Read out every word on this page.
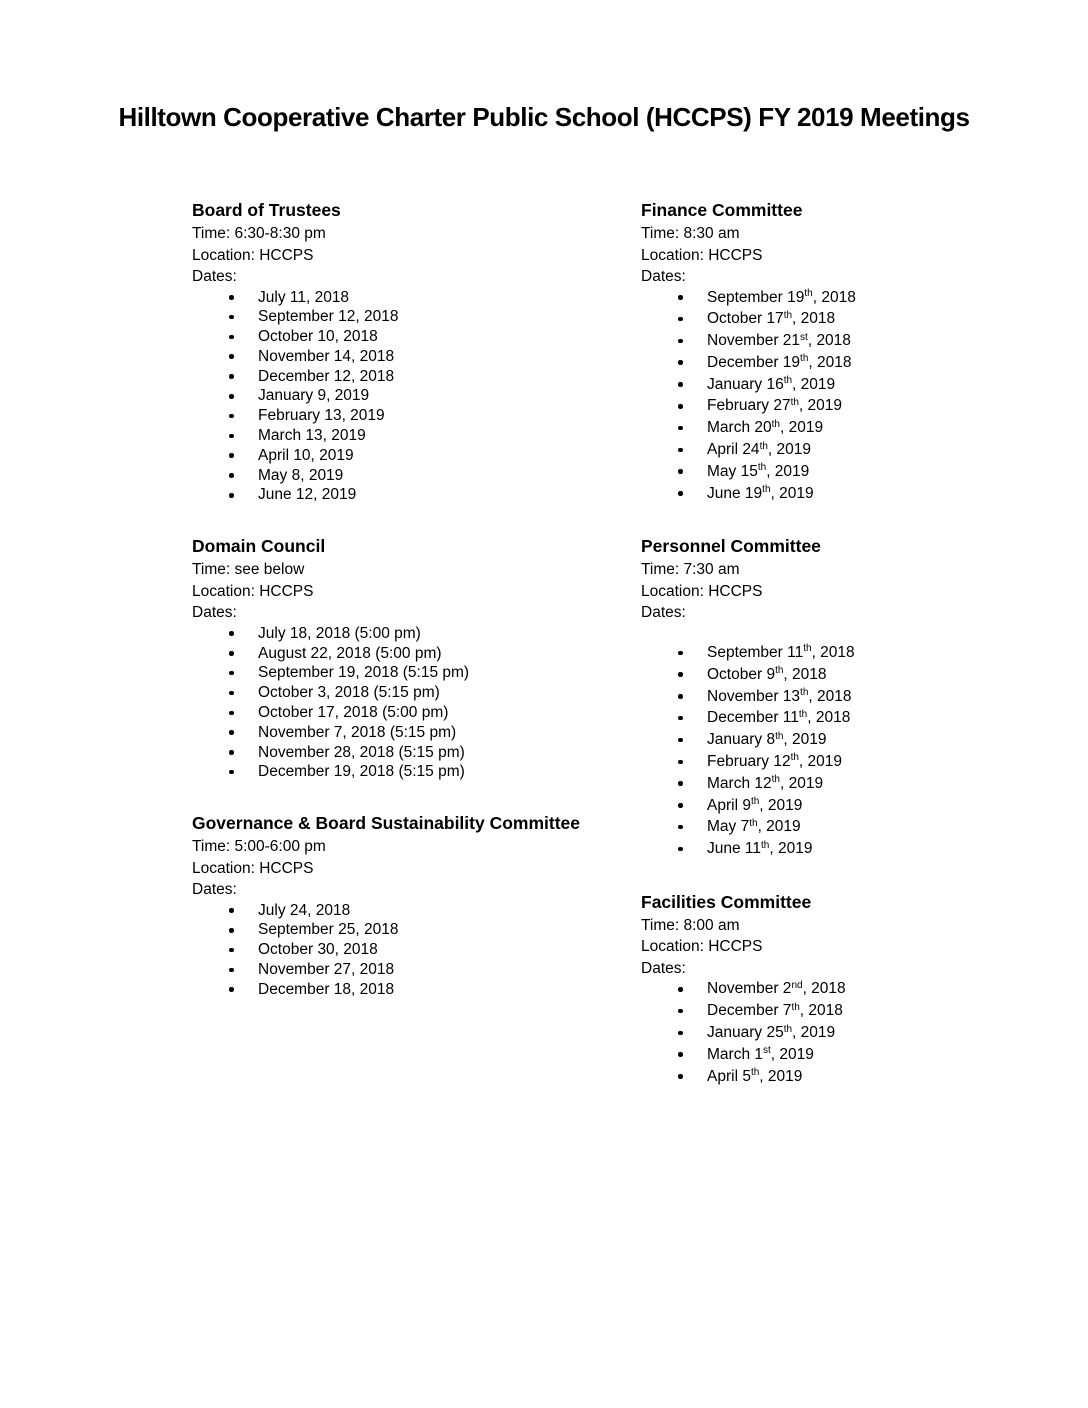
Hilltown Cooperative Charter Public School (HCCPS) FY 2019 Meetings
Board of Trustees

Time: 6:30-8:30 pm

Location: HCCPS

Dates:

July 11, 2018
September 12, 2018
October 10, 2018
November 14, 2018
December 12, 2018
January 9, 2019
February 13, 2019
March 13, 2019
April 10, 2019
May 8, 2019
June 12, 2019
Domain Council

Time: see below

Location: HCCPS

Dates:

July 18, 2018 (5:00 pm)
August 22, 2018 (5:00 pm)
September 19, 2018 (5:15 pm)
October 3, 2018 (5:15 pm)
October 17, 2018 (5:00 pm)
November 7, 2018 (5:15 pm)
November 28, 2018 (5:15 pm)
December 19, 2018 (5:15 pm)
Governance & Board Sustainability Committee

Time: 5:00-6:00 pm

Location: HCCPS

Dates:

July 24, 2018
September 25, 2018
October 30, 2018
November 27, 2018
December 18, 2018
Finance Committee

Time: 8:30 am

Location: HCCPS

Dates:

September 19th, 2018
October 17th, 2018
November 21st, 2018
December 19th, 2018
January 16th, 2019
February 27th, 2019
March 20th, 2019
April 24th, 2019
May 15th, 2019
June 19th, 2019
Personnel Committee

Time: 7:30 am

Location: HCCPS

Dates:

September 11th, 2018
October 9th, 2018
November 13th, 2018
December 11th, 2018
January 8th, 2019
February 12th, 2019
March 12th, 2019
April 9th, 2019
May 7th, 2019
June 11th, 2019
Facilities Committee

Time: 8:00 am

Location: HCCPS

Dates:

November 2nd, 2018
December 7th, 2018
January 25th, 2019
March 1st, 2019
April 5th, 2019
